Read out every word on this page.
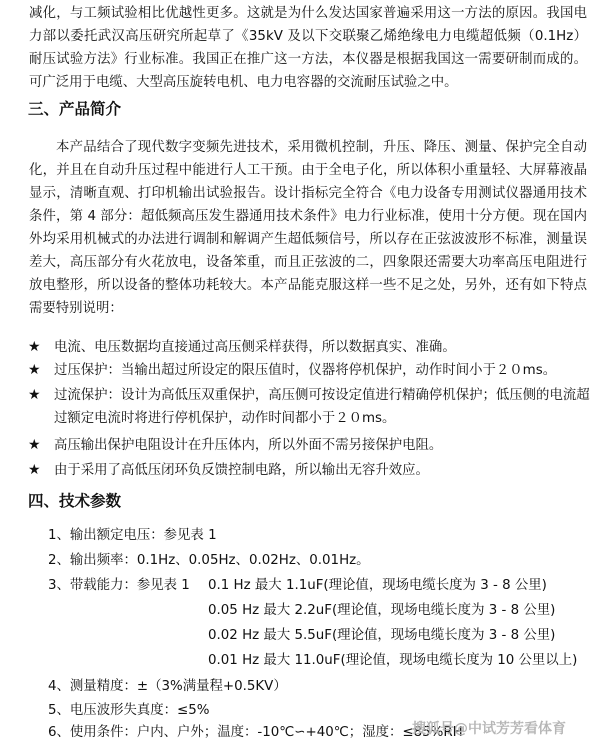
减化，与工频试验相比优越性更多。这就是为什么发达国家普遍采用这一方法的原因。我国电力部以委托武汉高压研究所起草了《35kV 及以下交联聚乙烯绝缘电力电缆超低频（0.1Hz）耐压试验方法》行业标准。我国正在推广这一方法，本仪器是根据我国这一需要研制而成的。可广泛用于电缆、大型高压旋转电机、电力电容器的交流耐压试验之中。

三、产品简介

本产品结合了现代数字变频先进技术，采用微机控制，升压、降压、测量、保护完全自动化，并且在自动升压过程中能进行人工干预。由于全电子化，所以体积小重量轻、大屏幕液晶显示，清晰直观、打印机输出试验报告。设计指标完全符合《电力设备专用测试仪器通用技术条件，第 4 部分：超低频高压发生器通用技术条件》电力行业标准，使用十分方便。现在国内外均采用机械式的办法进行调制和解调产生超低频信号，所以存在正弦波波形不标准，测量误差大，高压部分有火花放电，设备笨重，而且正弦波的二，四象限还需要大功率高压电阻进行放电整形，所以设备的整体功耗较大。本产品能克服这样一些不足之处，另外，还有如下特点需要特别说明：

★ 电流、电压数据均直接通过高压侧采样获得，所以数据真实、准确。
★ 过压保护：当输出超过所设定的限压值时，仪器将停机保护，动作时间小于２０ms。
★ 过流保护：设计为高低压双重保护，高压侧可按设定值进行精确停机保护；低压侧的电流超过额定电流时将进行停机保护，动作时间都小于２０ms。
★ 高压输出保护电阻设计在升压体内，所以外面不需另接保护电阻。
★ 由于采用了高低压闭环负反馈控制电路，所以输出无容升效应。
四、技术参数
1、输出额定电压：参见表 1
2、输出频率：0.1Hz、0.05Hz、0.02Hz、0.01Hz。
3、带载能力：参见表 1 0.1 Hz 最大 1.1uF(理论值，现场电缆长度为 3 - 8 公里)
0.05 Hz 最大 2.2uF(理论值，现场电缆长度为 3 - 8 公里)
0.02 Hz 最大 5.5uF(理论值，现场电缆长度为 3 - 8 公里)
0.01 Hz 最大 11.0uF(理论值，现场电缆长度为 10 公里以上)
4、测量精度：±（3%满量程+0.5KV）
5、电压波形失真度：≤5%
6、使用条件：户内、户外；温度：-10℃∽+40℃；湿度：≤85%RH
搜狐号@中试芳芳看体育
